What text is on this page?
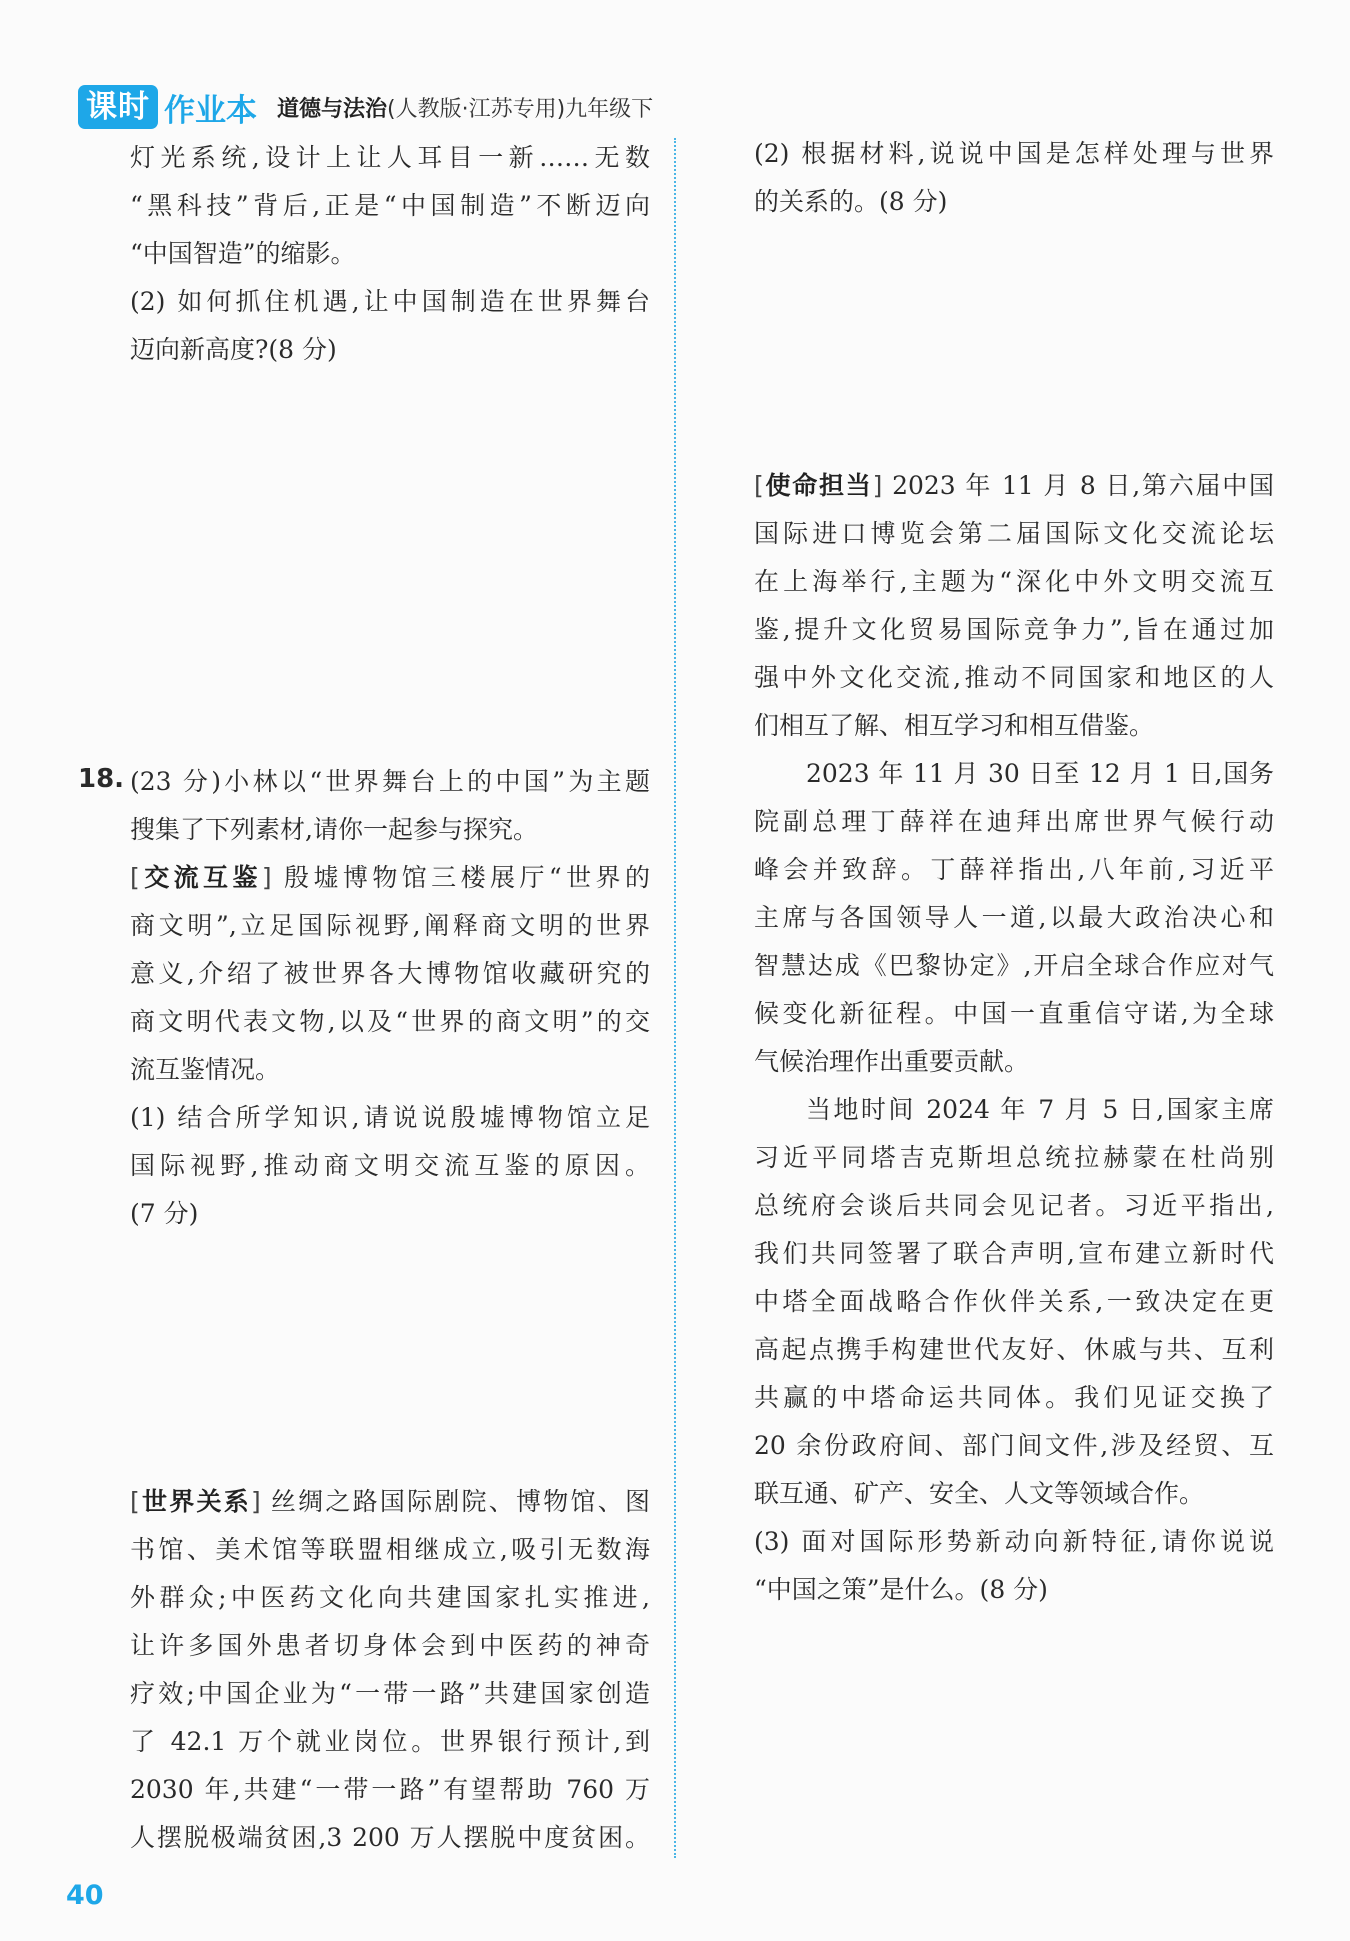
课时 作业本 道德与法治 (人教版·江苏专用)九年级下

灯光系统,设计上让人耳目一新……无数

“黑科技”背后,正是“中国制造”不断迈向

“中国智造”的缩影。

(2) 如何抓住机遇,让中国制造在世界舞台

迈向新高度?(8 分)

18. (23 分)小林以“世界舞台上的中国”为主题

搜集了下列素材,请你一起参与探究。

[交流互鉴] 殷墟博物馆三楼展厅“世界的

商文明”,立足国际视野,阐释商文明的世界

意义,介绍了被世界各大博物馆收藏研究的

商文明代表文物,以及“世界的商文明”的交

流互鉴情况。

(1) 结合所学知识,请说说殷墟博物馆立足

国际视野,推动商文明交流互鉴的原因。

(7 分)

[世界关系] 丝绸之路国际剧院、博物馆、图

书馆、美术馆等联盟相继成立,吸引无数海

外群众;中医药文化向共建国家扎实推进,

让许多国外患者切身体会到中医药的神奇

疗效;中国企业为“一带一路”共建国家创造

了 42.1 万个就业岗位。世界银行预计,到

2030 年,共建“一带一路”有望帮助 760 万

人摆脱极端贫困,3 200 万人摆脱中度贫困。

(2) 根据材料,说说中国是怎样处理与世界

的关系的。(8 分)

[使命担当] 2023 年 11 月 8 日,第六届中国

国际进口博览会第二届国际文化交流论坛

在上海举行,主题为“深化中外文明交流互

鉴,提升文化贸易国际竞争力”,旨在通过加

强中外文化交流,推动不同国家和地区的人

们相互了解、相互学习和相互借鉴。

2023 年 11 月 30 日至 12 月 1 日,国务

院副总理丁薛祥在迪拜出席世界气候行动

峰会并致辞。丁薛祥指出,八年前,习近平

主席与各国领导人一道,以最大政治决心和

智慧达成《巴黎协定》,开启全球合作应对气

候变化新征程。中国一直重信守诺,为全球

气候治理作出重要贡献。

当地时间 2024 年 7 月 5 日,国家主席

习近平同塔吉克斯坦总统拉赫蒙在杜尚别

总统府会谈后共同会见记者。习近平指出,

我们共同签署了联合声明,宣布建立新时代

中塔全面战略合作伙伴关系,一致决定在更

高起点携手构建世代友好、休戚与共、互利

共赢的中塔命运共同体。我们见证交换了

20 余份政府间、部门间文件,涉及经贸、互

联互通、矿产、安全、人文等领域合作。

(3) 面对国际形势新动向新特征,请你说说

“中国之策”是什么。(8 分)

40
